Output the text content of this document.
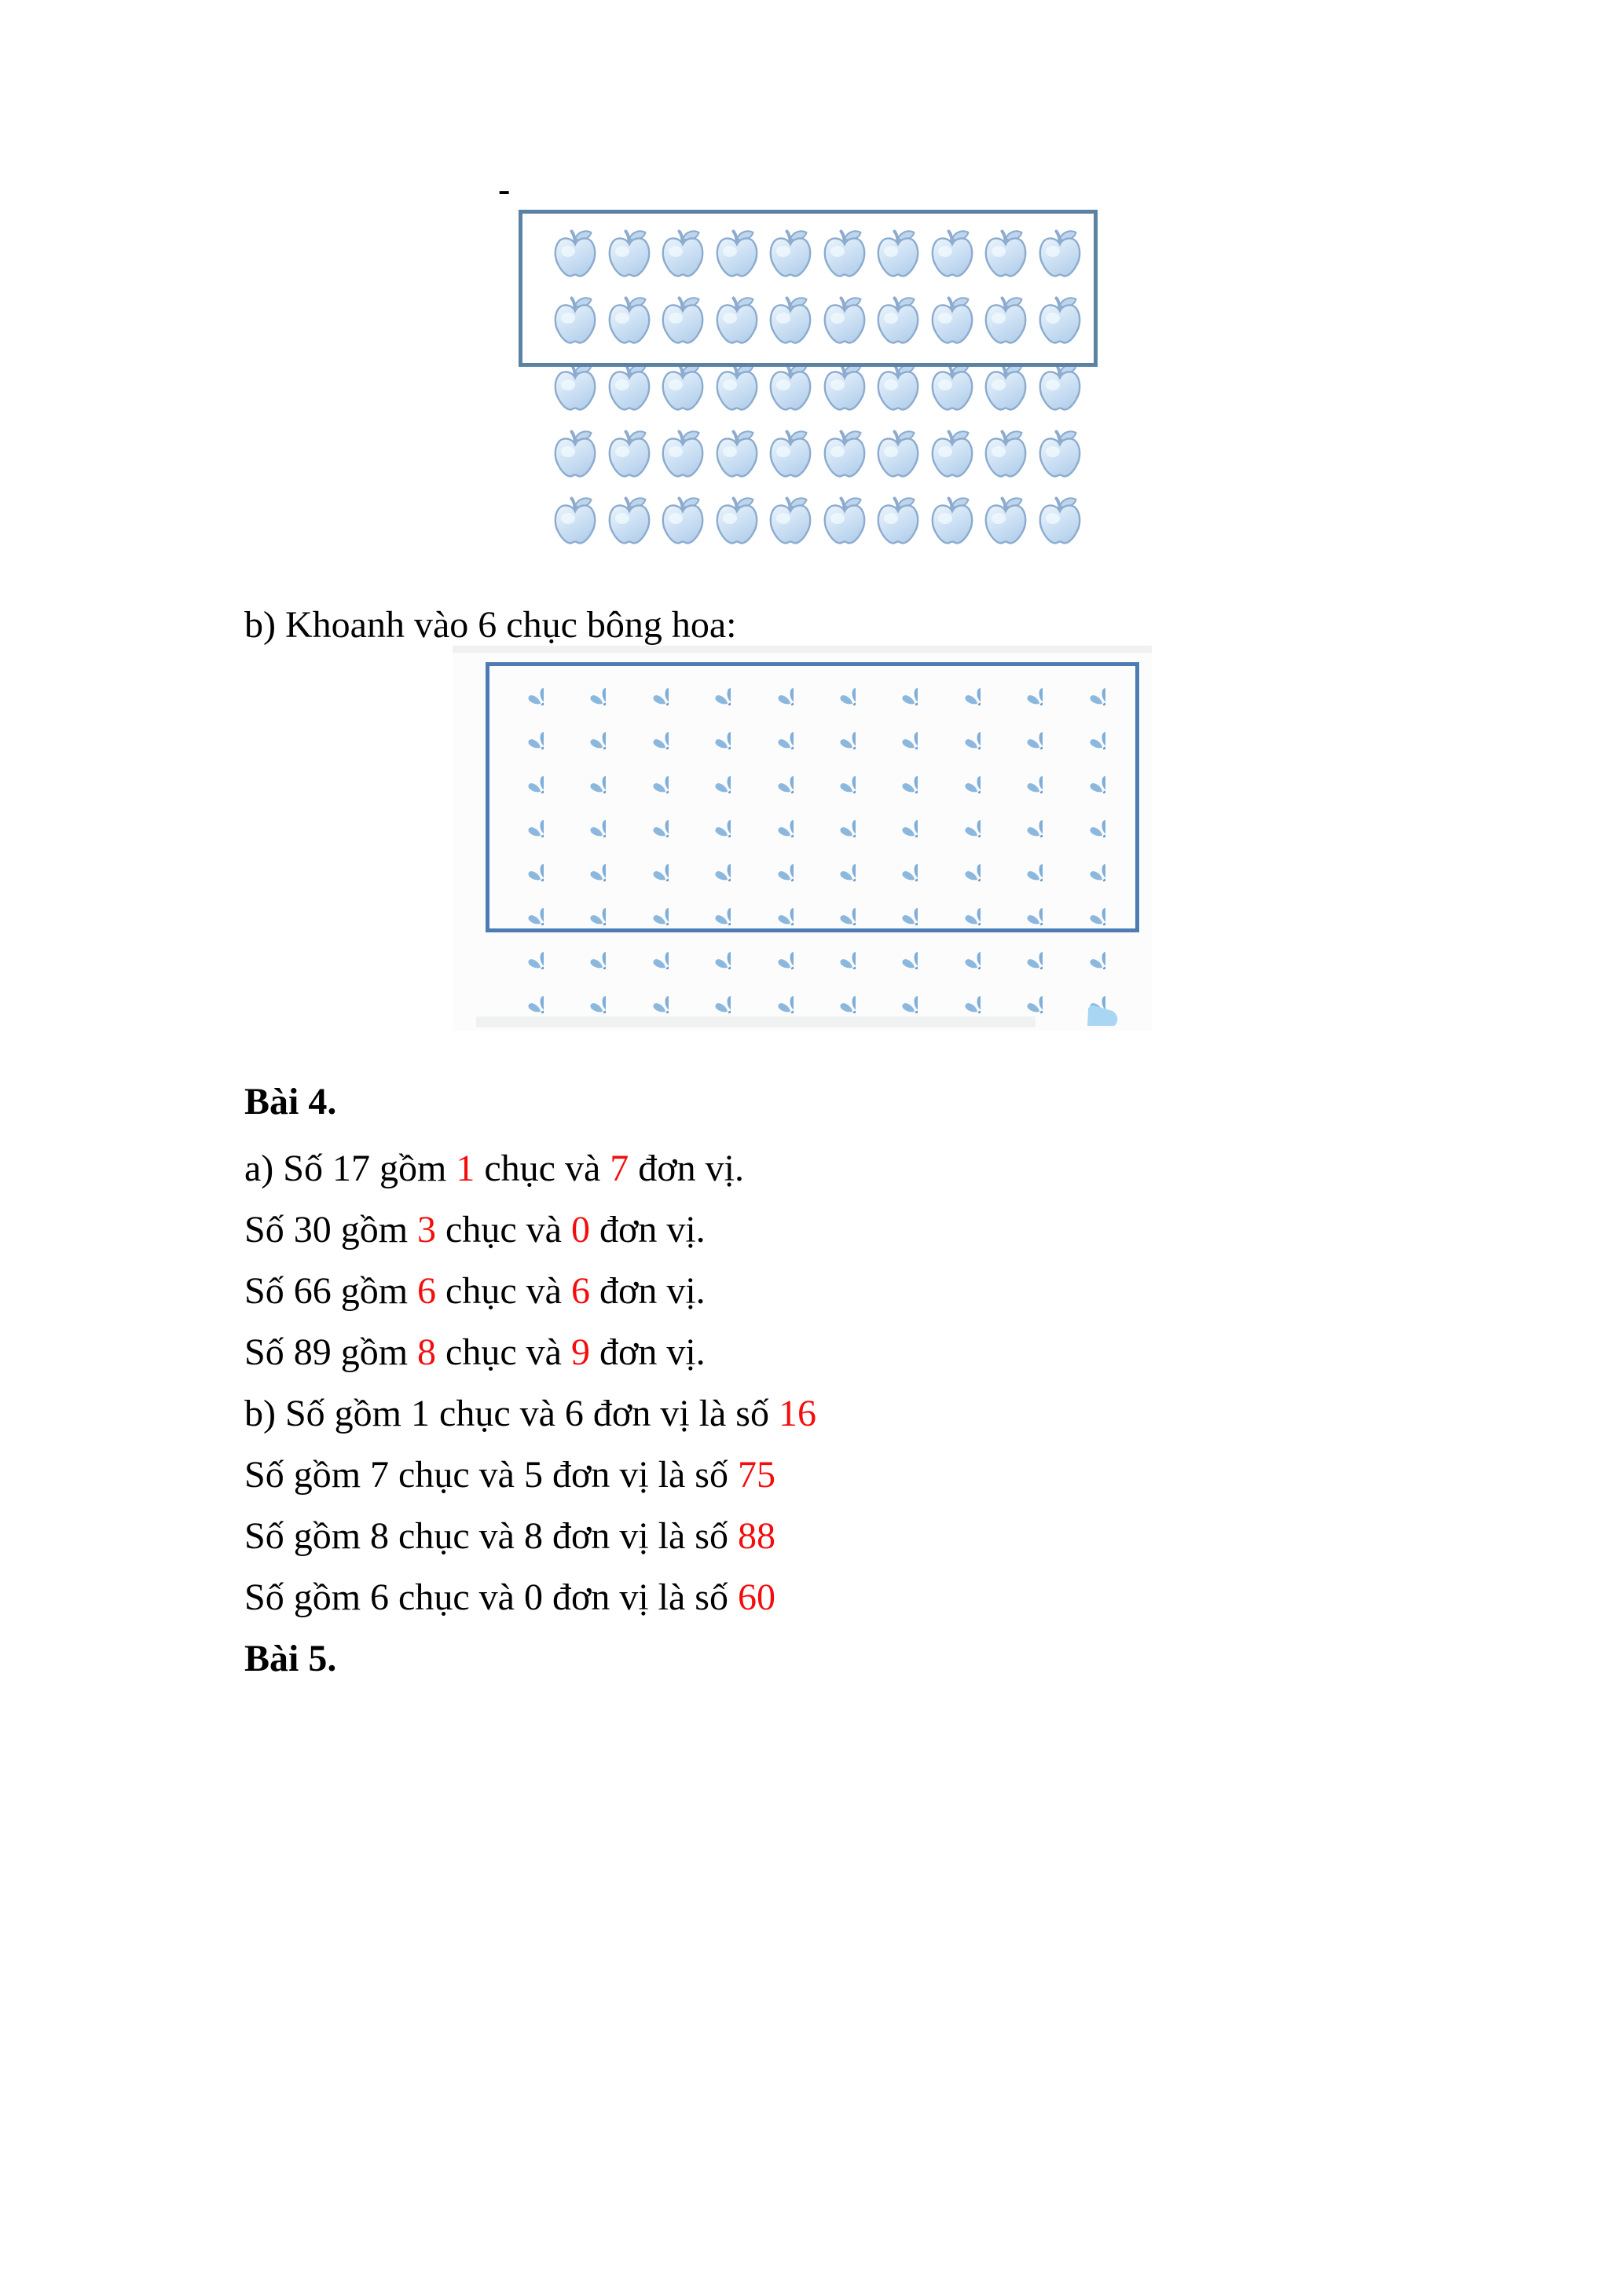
-
b) Khoanh vào 6 chục bông hoa:
Bài 4.
a) Số 17 gồm 1 chục và 7 đơn vị.
Số 30 gồm 3 chục và 0 đơn vị.
Số 66 gồm 6 chục và 6 đơn vị.
Số 89 gồm 8 chục và 9 đơn vị.
b) Số gồm 1 chục và 6 đơn vị là số 16
Số gồm 7 chục và 5 đơn vị là số 75
Số gồm 8 chục và 8 đơn vị là số 88
Số gồm 6 chục và 0 đơn vị là số 60
Bài 5.
